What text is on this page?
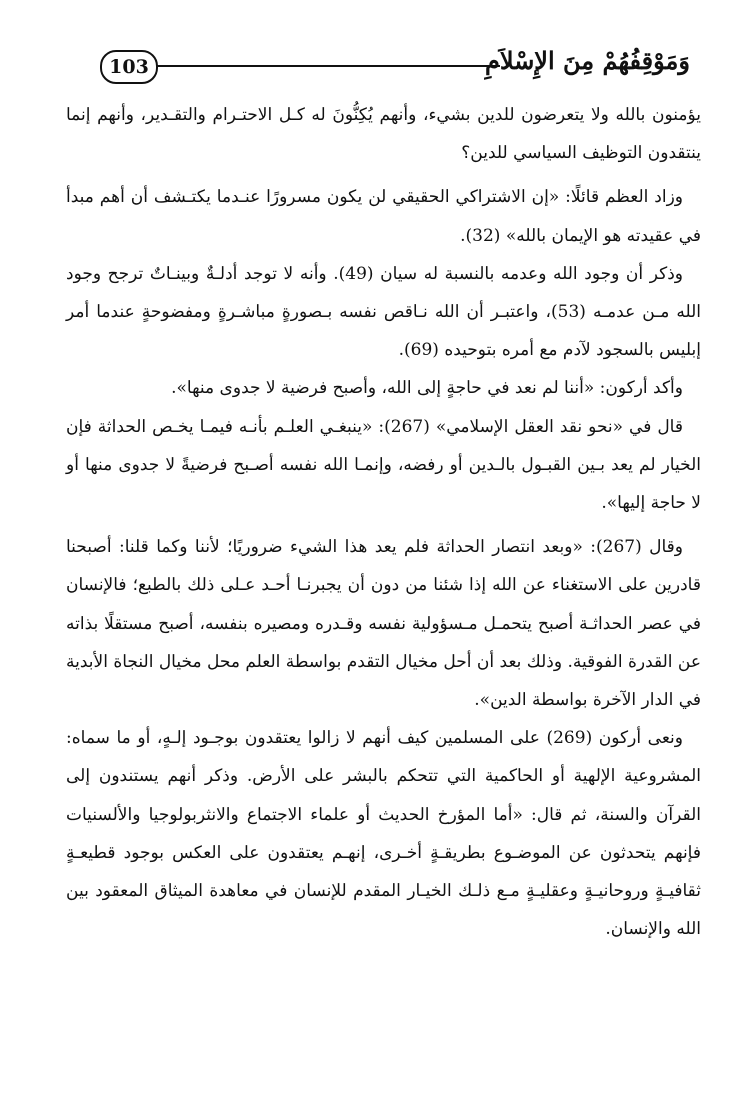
103	وَمَوْقِفُهُمْ مِنَ الإِسْلاَمِ

يؤمنون بالله ولا يتعرضون للدين بشيء، وأنهم يُكِنُّونَ له كـل الاحتـرام والتقـدير، وأنهم إنما ينتقدون التوظيف السياسي للدين؟

وزاد العظم قائلًا: «إن الاشتراكي الحقيقي لن يكون مسرورًا عنـدما يكتـشف أن أهم مبدأ في عقيدته هو الإيمان بالله» (32).

وذكر أن وجود الله وعدمه بالنسبة له سيان (49). وأنه لا توجد أدلـةٌ وبينـاتٌ ترجح وجود الله مـن عدمـه (53)، واعتبـر أن الله نـاقص نفسه بـصورةٍ مباشـرةٍ ومفضوحةٍ عندما أمر إبليس بالسجود لآدم مع أمره بتوحيده (69).

وأكد أركون: «أننا لم نعد في حاجةٍ إلى الله، وأصبح فرضية لا جدوى منها».

قال في «نحو نقد العقل الإسلامي» (267): «ينبغـي العلـم بأنـه فيمـا يخـص الحداثة فإن الخيار لم يعد بـين القبـول بالـدين أو رفضه، وإنمـا الله نفسه أصـبح فرضيةً لا جدوى منها أو لا حاجة إليها».

وقال (267): «وبعد انتصار الحداثة فلم يعد هذا الشيء ضروريًا؛ لأننا وكما قلنا: أصبحنا قادرين على الاستغناء عن الله إذا شئنا من دون أن يجبرنـا أحـد عـلى ذلك بالطبع؛ فالإنسان في عصر الحداثـة أصبح يتحمـل مـسؤولية نفسه وقـدره ومصيره بنفسه، أصبح مستقلًا بذاته عن القدرة الفوقية. وذلك بعد أن أحل مخيال التقدم بواسطة العلم محل مخيال النجاة الأبدية في الدار الآخرة بواسطة الدين».

ونعى أركون (269) على المسلمين كيف أنهم لا زالوا يعتقدون بوجـود إلـهٍ، أو ما سماه: المشروعية الإلهية أو الحاكمية التي تتحكم بالبشر على الأرض. وذكر أنهم يستندون إلى القرآن والسنة، ثم قال: «أما المؤرخ الحديث أو علماء الاجتماع والانثربولوجيا والألسنيات فإنهم يتحدثون عن الموضـوع بطريقـةٍ أخـرى، إنهـم يعتقدون على العكس بوجود قطيعـةٍ ثقافيـةٍ وروحانيـةٍ وعقليـةٍ مـع ذلـك الخيـار المقدم للإنسان في معاهدة الميثاق المعقود بين الله والإنسان.
